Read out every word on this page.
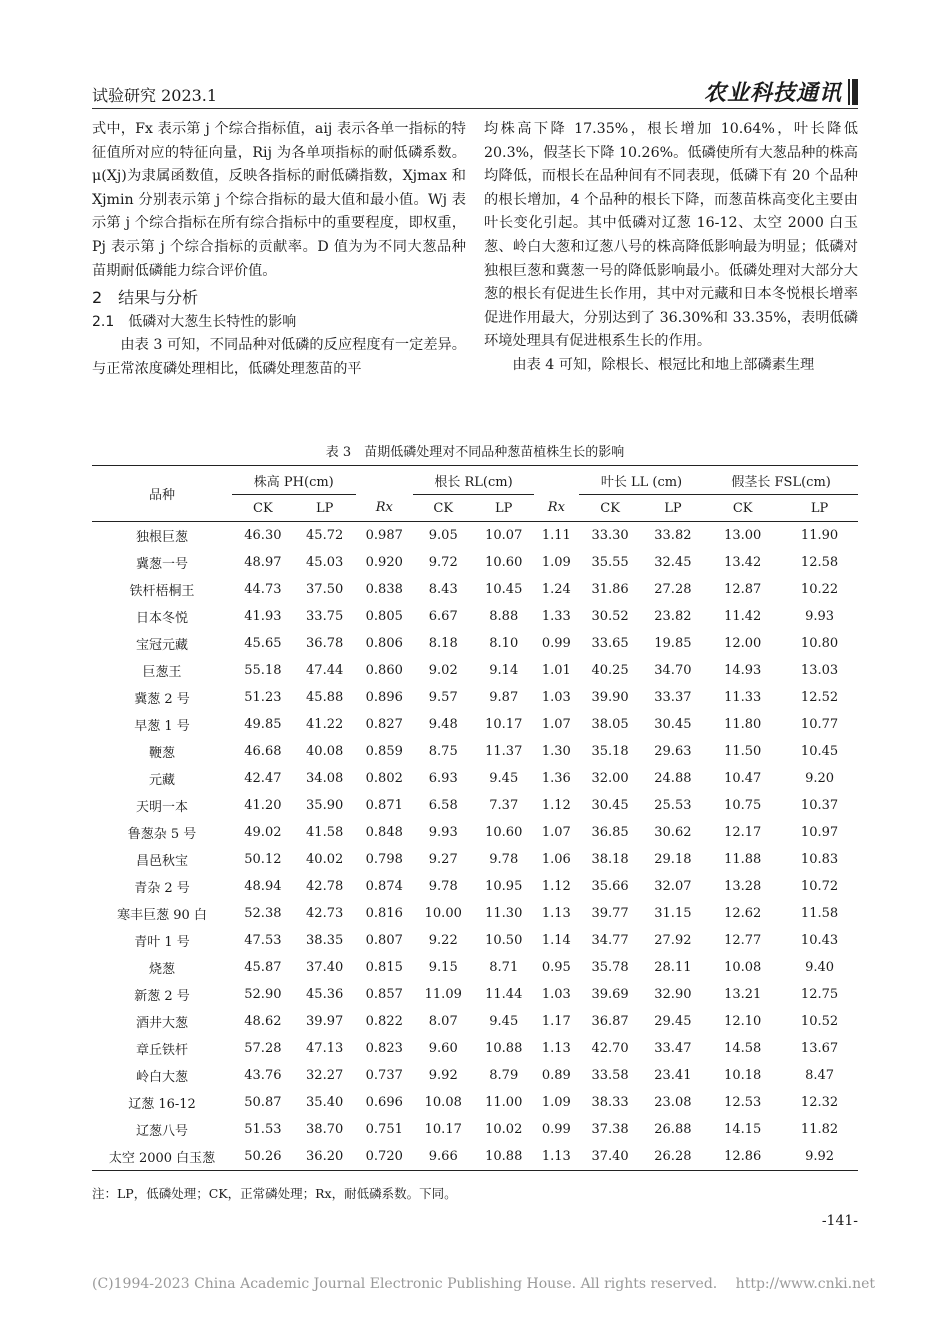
试验研究 2023.1	农业科技通讯

式中，Fx 表示第 j 个综合指标值，aij 表示各单一指标的特征值所对应的特征向量，Rij 为各单项指标的耐低磷系数。μ(Xj)为隶属函数值，反映各指标的耐低磷指数，Xjmax 和 Xjmin 分别表示第 j 个综合指标的最大值和最小值。Wj 表示第 j 个综合指标在所有综合指标中的重要程度，即权重，Pj 表示第 j 个综合指标的贡献率。D 值为为不同大葱品种苗期耐低磷能力综合评价值。

2　结果与分析
2.1　低磷对大葱生长特性的影响

由表 3 可知，不同品种对低磷的反应程度有一定差异。与正常浓度磷处理相比，低磷处理葱苗的平

均株高下降 17.35%，根长增加 10.64%，叶长降低 20.3%，假茎长下降 10.26%。低磷使所有大葱品种的株高均降低，而根长在品种间有不同表现，低磷下有 20 个品种的根长增加，4 个品种的根长下降，而葱苗株高变化主要由叶长变化引起。其中低磷对辽葱 16-12、太空 2000 白玉葱、岭白大葱和辽葱八号的株高降低影响最为明显；低磷对独根巨葱和冀葱一号的降低影响最小。低磷处理对大部分大葱的根长有促进生长作用，其中对元藏和日本冬悦根长增率促进作用最大，分别达到了 36.30%和 33.35%，表明低磷环境处理具有促进根系生长的作用。

由表 4 可知，除根长、根冠比和地上部磷素生理

表 3　苗期低磷处理对不同品种葱苗植株生长的影响
品种	株高 PH(cm)			根长 RL(cm)			叶长 LL (cm)		假茎长 FSL(cm)	
	CK	LP	Rx	CK	LP	Rx	CK	LP	CK	LP
独根巨葱	46.30	45.72	0.987	9.05	10.07	1.11	33.30	33.82	13.00	11.90
冀葱一号	48.97	45.03	0.920	9.72	10.60	1.09	35.55	32.45	13.42	12.58
铁杆梧桐王	44.73	37.50	0.838	8.43	10.45	1.24	31.86	27.28	12.87	10.22
日本冬悦	41.93	33.75	0.805	6.67	8.88	1.33	30.52	23.82	11.42	9.93
宝冠元藏	45.65	36.78	0.806	8.18	8.10	0.99	33.65	19.85	12.00	10.80
巨葱王	55.18	47.44	0.860	9.02	9.14	1.01	40.25	34.70	14.93	13.03
冀葱 2 号	51.23	45.88	0.896	9.57	9.87	1.03	39.90	33.37	11.33	12.52
早葱 1 号	49.85	41.22	0.827	9.48	10.17	1.07	38.05	30.45	11.80	10.77
鞭葱	46.68	40.08	0.859	8.75	11.37	1.30	35.18	29.63	11.50	10.45
元藏	42.47	34.08	0.802	6.93	9.45	1.36	32.00	24.88	10.47	9.20
天明一本	41.20	35.90	0.871	6.58	7.37	1.12	30.45	25.53	10.75	10.37
鲁葱杂 5 号	49.02	41.58	0.848	9.93	10.60	1.07	36.85	30.62	12.17	10.97
昌邑秋宝	50.12	40.02	0.798	9.27	9.78	1.06	38.18	29.18	11.88	10.83
青杂 2 号	48.94	42.78	0.874	9.78	10.95	1.12	35.66	32.07	13.28	10.72
寒丰巨葱 90 白	52.38	42.73	0.816	10.00	11.30	1.13	39.77	31.15	12.62	11.58
青叶 1 号	47.53	38.35	0.807	9.22	10.50	1.14	34.77	27.92	12.77	10.43
烧葱	45.87	37.40	0.815	9.15	8.71	0.95	35.78	28.11	10.08	9.40
新葱 2 号	52.90	45.36	0.857	11.09	11.44	1.03	39.69	32.90	13.21	12.75
酒井大葱	48.62	39.97	0.822	8.07	9.45	1.17	36.87	29.45	12.10	10.52
章丘铁杆	57.28	47.13	0.823	9.60	10.88	1.13	42.70	33.47	14.58	13.67
岭白大葱	43.76	32.27	0.737	9.92	8.79	0.89	33.58	23.41	10.18	8.47
辽葱 16-12	50.87	35.40	0.696	10.08	11.00	1.09	38.33	23.08	12.53	12.32
辽葱八号	51.53	38.70	0.751	10.17	10.02	0.99	37.38	26.88	14.15	11.82
太空 2000 白玉葱	50.26	36.20	0.720	9.66	10.88	1.13	37.40	26.28	12.86	9.92
注：LP，低磷处理；CK，正常磷处理；Rx，耐低磷系数。下同。
-141-
(C)1994-2023 China Academic Journal Electronic Publishing House. All rights reserved.　 http://www.cnki.net
